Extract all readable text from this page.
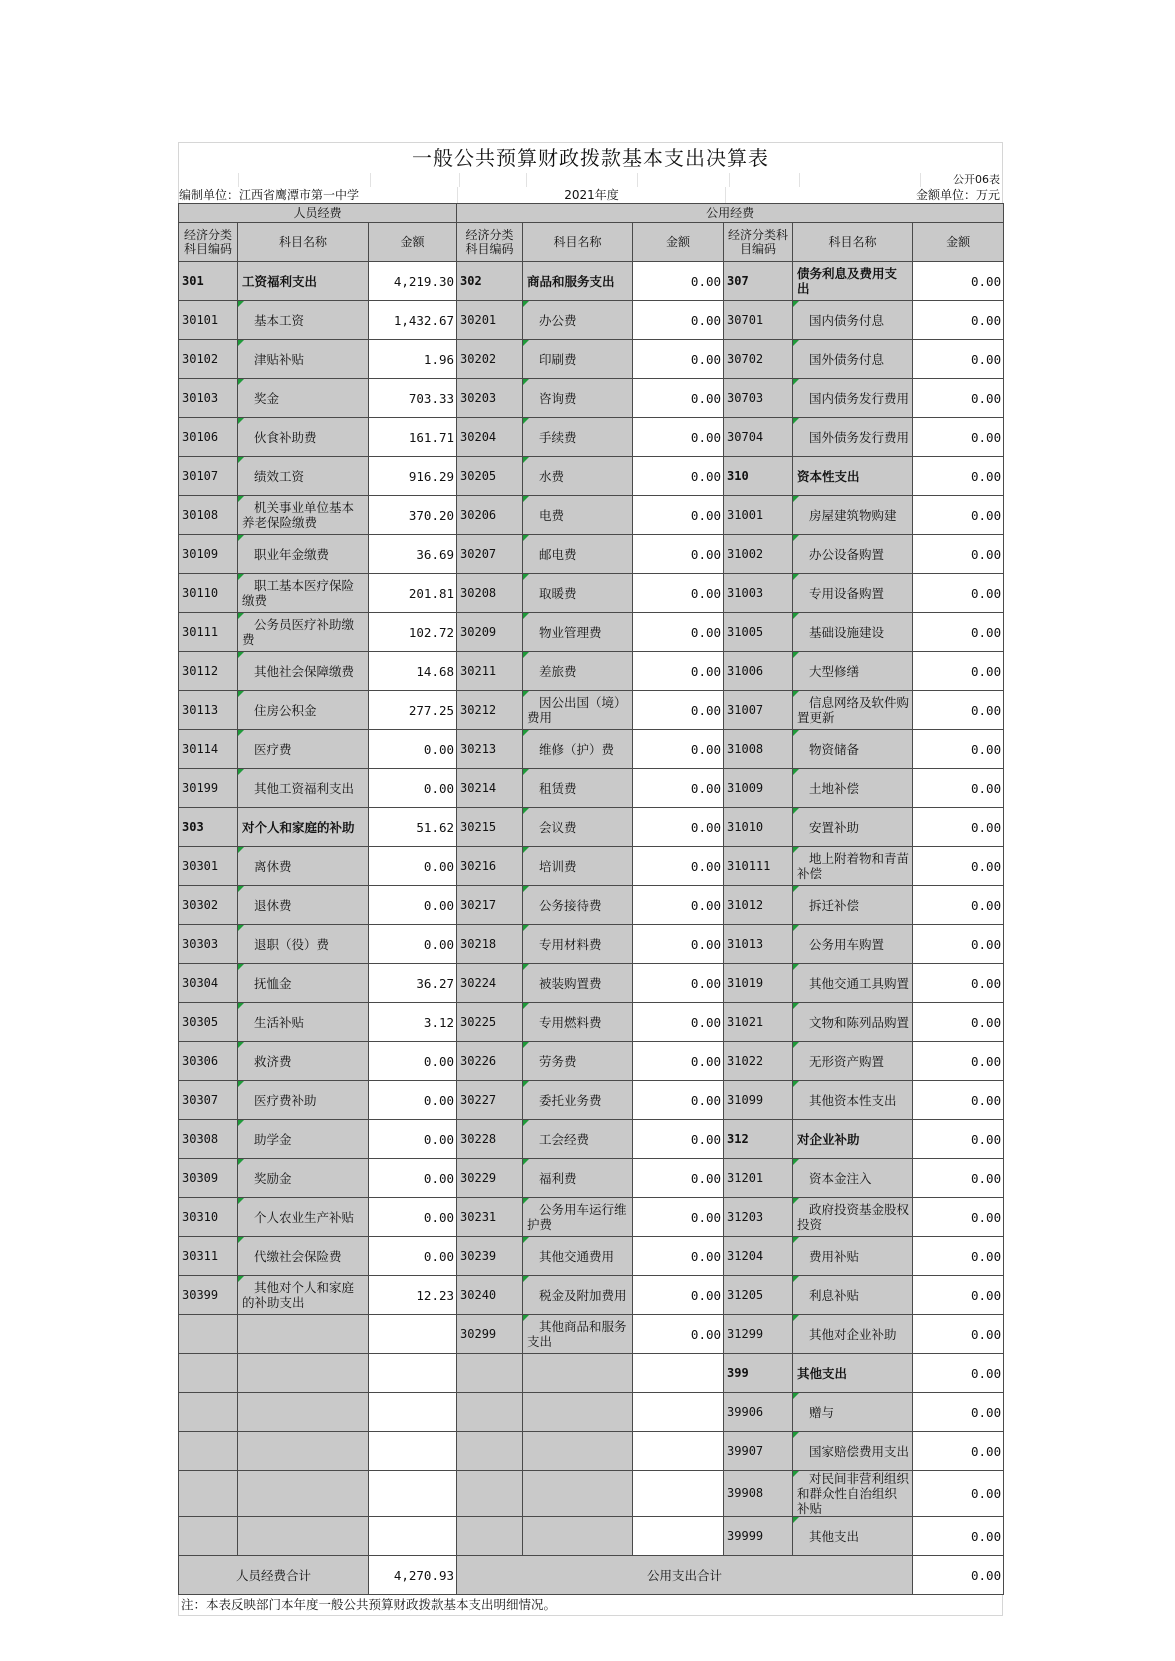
一般公共预算财政拨款基本支出决算表
公开06表
编制单位：江西省鹰潭市第一中学	2021年度	金额单位：万元
人员经费			公用经费					
经济分类科目编码	科目名称	金额	经济分类科目编码	科目名称	金额	经济分类科目编码	科目名称	金额
301	工资福利支出	4,219.30	302	商品和服务支出	0.00	307	债务利息及费用支出	0.00
30101	基本工资	1,432.67	30201	办公费	0.00	30701	国内债务付息	0.00
30102	津贴补贴	1.96	30202	印刷费	0.00	30702	国外债务付息	0.00
30103	奖金	703.33	30203	咨询费	0.00	30703	国内债务发行费用	0.00
30106	伙食补助费	161.71	30204	手续费	0.00	30704	国外债务发行费用	0.00
30107	绩效工资	916.29	30205	水费	0.00	310	资本性支出	0.00
30108	机关事业单位基本养老保险缴费	370.20	30206	电费	0.00	31001	房屋建筑物购建	0.00
30109	职业年金缴费	36.69	30207	邮电费	0.00	31002	办公设备购置	0.00
30110	职工基本医疗保险缴费	201.81	30208	取暖费	0.00	31003	专用设备购置	0.00
30111	公务员医疗补助缴费	102.72	30209	物业管理费	0.00	31005	基础设施建设	0.00
30112	其他社会保障缴费	14.68	30211	差旅费	0.00	31006	大型修缮	0.00
30113	住房公积金	277.25	30212	因公出国（境）费用	0.00	31007	信息网络及软件购置更新	0.00
30114	医疗费	0.00	30213	维修（护）费	0.00	31008	物资储备	0.00
30199	其他工资福利支出	0.00	30214	租赁费	0.00	31009	土地补偿	0.00
303	对个人和家庭的补助	51.62	30215	会议费	0.00	31010	安置补助	0.00
30301	离休费	0.00	30216	培训费	0.00	310111	地上附着物和青苗补偿	0.00
30302	退休费	0.00	30217	公务接待费	0.00	31012	拆迁补偿	0.00
30303	退职（役）费	0.00	30218	专用材料费	0.00	31013	公务用车购置	0.00
30304	抚恤金	36.27	30224	被装购置费	0.00	31019	其他交通工具购置	0.00
30305	生活补贴	3.12	30225	专用燃料费	0.00	31021	文物和陈列品购置	0.00
30306	救济费	0.00	30226	劳务费	0.00	31022	无形资产购置	0.00
30307	医疗费补助	0.00	30227	委托业务费	0.00	31099	其他资本性支出	0.00
30308	助学金	0.00	30228	工会经费	0.00	312	对企业补助	0.00
30309	奖励金	0.00	30229	福利费	0.00	31201	资本金注入	0.00
30310	个人农业生产补贴	0.00	30231	公务用车运行维护费	0.00	31203	政府投资基金股权投资	0.00
30311	代缴社会保险费	0.00	30239	其他交通费用	0.00	31204	费用补贴	0.00
30399	其他对个人和家庭的补助支出	12.23	30240	税金及附加费用	0.00	31205	利息补贴	0.00
			30299	其他商品和服务支出	0.00	31299	其他对企业补助	0.00
						399	其他支出	0.00
						39906	赠与	0.00
						39907	国家赔偿费用支出	0.00
						39908	对民间非营利组织和群众性自治组织补贴	0.00
						39999	其他支出	0.00
人员经费合计		4,270.93	公用支出合计					0.00
注：本表反映部门本年度一般公共预算财政拨款基本支出明细情况。
